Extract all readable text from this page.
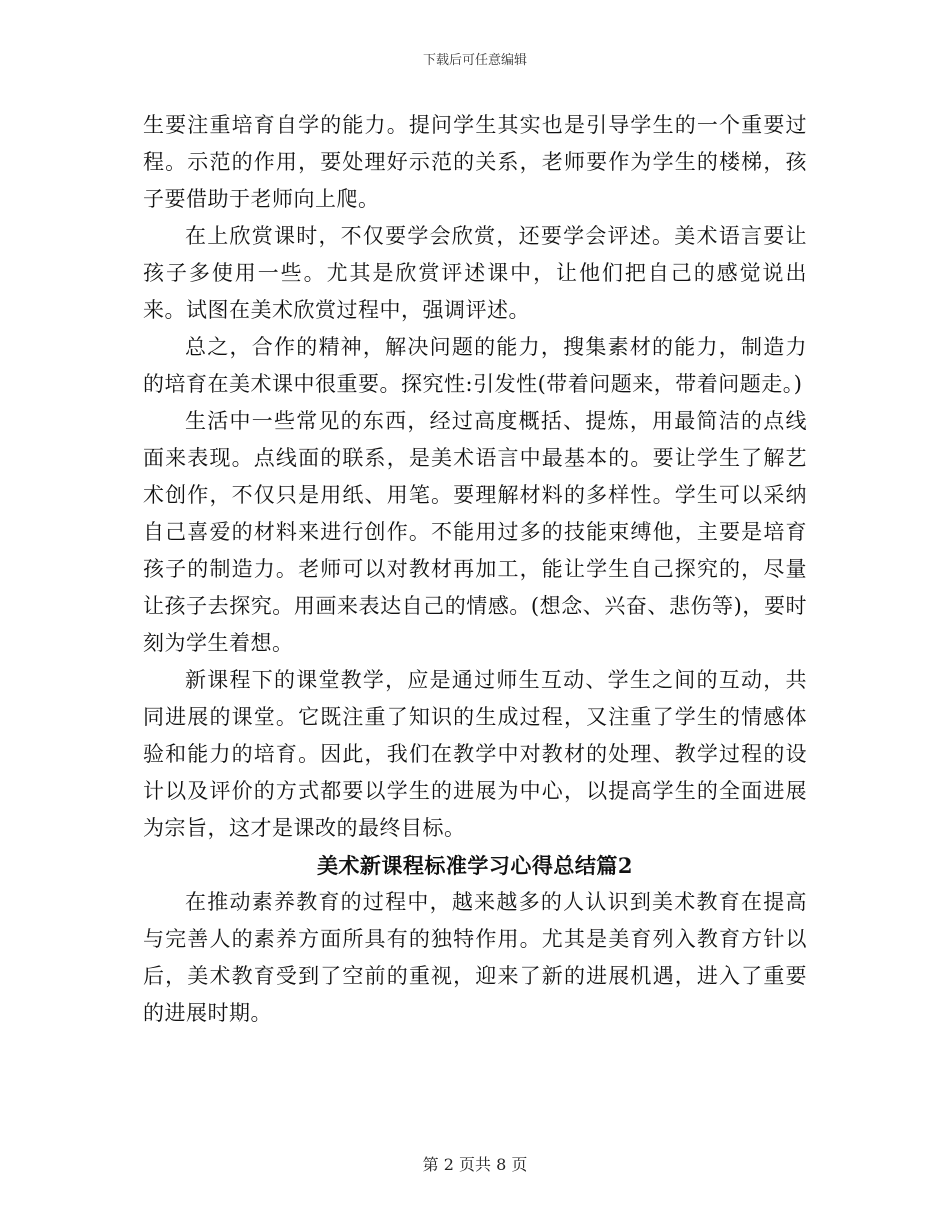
下载后可任意编辑

生要注重培育自学的能力。提问学生其实也是引导学生的一个重要过程。示范的作用，要处理好示范的关系，老师要作为学生的楼梯，孩子要借助于老师向上爬。

在上欣赏课时，不仅要学会欣赏，还要学会评述。美术语言要让孩子多使用一些。尤其是欣赏评述课中，让他们把自己的感觉说出来。试图在美术欣赏过程中，强调评述。

总之，合作的精神，解决问题的能力，搜集素材的能力，制造力的培育在美术课中很重要。探究性:引发性(带着问题来，带着问题走。)

生活中一些常见的东西，经过高度概括、提炼，用最简洁的点线面来表现。点线面的联系，是美术语言中最基本的。要让学生了解艺术创作，不仅只是用纸、用笔。要理解材料的多样性。学生可以采纳自己喜爱的材料来进行创作。不能用过多的技能束缚他，主要是培育孩子的制造力。老师可以对教材再加工，能让学生自己探究的，尽量让孩子去探究。用画来表达自己的情感。(想念、兴奋、悲伤等)，要时刻为学生着想。

新课程下的课堂教学，应是通过师生互动、学生之间的互动，共同进展的课堂。它既注重了知识的生成过程，又注重了学生的情感体验和能力的培育。因此，我们在教学中对教材的处理、教学过程的设计以及评价的方式都要以学生的进展为中心，以提高学生的全面进展为宗旨，这才是课改的最终目标。

美术新课程标准学习心得总结篇2

在推动素养教育的过程中，越来越多的人认识到美术教育在提高与完善人的素养方面所具有的独特作用。尤其是美育列入教育方针以后，美术教育受到了空前的重视，迎来了新的进展机遇，进入了重要的进展时期。

第 2 页共 8 页
